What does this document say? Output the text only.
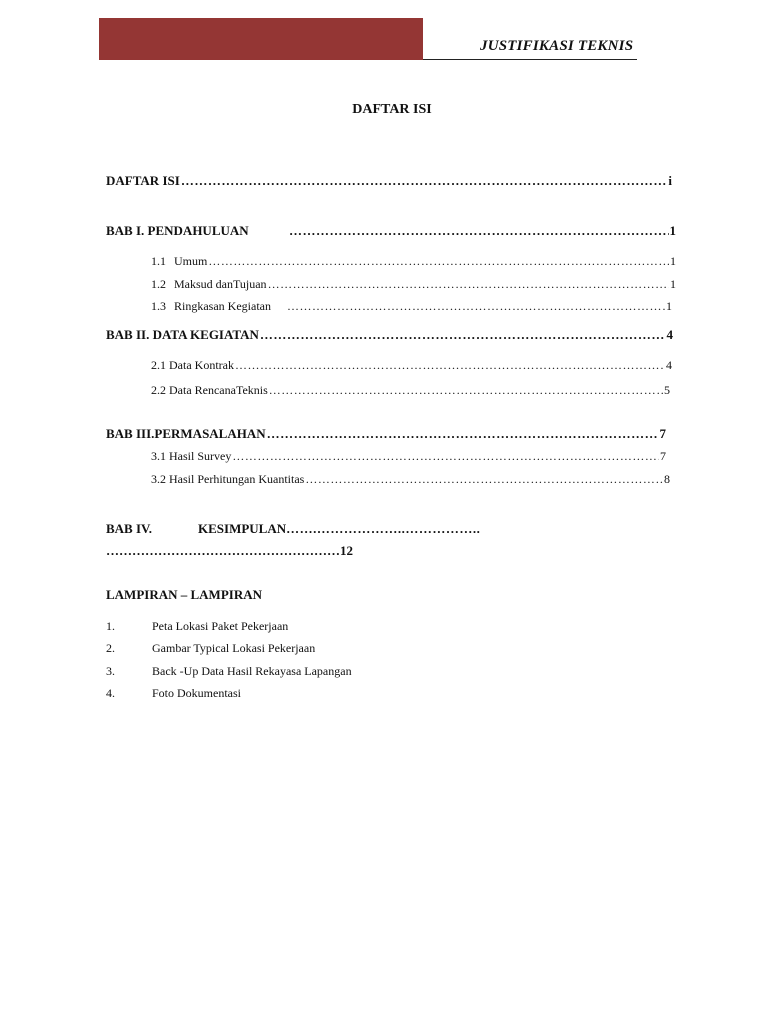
JUSTIFIKASI TEKNIS
DAFTAR ISI
DAFTAR ISI …………………………………………………………………………………………………………………………………………………………………………………………………………………………………………………………………………	i
BAB I. PENDAHULUAN …………………………………………………………………………………………………………………………………………………………………………………………………………………………………………………………………………	1
1.1 Umum …………………………………………………………………………………………………………………………………………………………………………………………………………………………………………………………………………	1
1.2 Maksud danTujuan …………………………………………………………………………………………………………………………………………………………………………………………………………………………………………………………………………	1
1.3 Ringkasan Kegiatan …………………………………………………………………………………………………………………………………………………………………………………………………………………………………………………………………………	1
BAB II. DATA KEGIATAN …………………………………………………………………………………………………………………………………………………………………………………………………………………………………………………………………………	4
2.1 Data Kontrak …………………………………………………………………………………………………………………………………………………………………………………………………………………………………………………………………………	4
2.2 Data RencanaTeknis …………………………………………………………………………………………………………………………………………………………………………………………………………………………………………………………………………	5
BAB III.PERMASALAHAN …………………………………………………………………………………………………………………………………………………………………………………………………………………………………………………………………………	7
3.1 Hasil Survey …………………………………………………………………………………………………………………………………………………………………………………………………………………………………………………………………………	7
3.2 Hasil Perhitungan Kuantitas …………………………………………………………………………………………………………………………………………………………………………………………………………………………………………………………………………	8
BAB IV.	KESIMPULAN…….………………..……………..
………………………………………………12
LAMPIRAN – LAMPIRAN
1.	Peta Lokasi Paket Pekerjaan
2.	Gambar Typical Lokasi Pekerjaan
3.	Back -Up Data Hasil Rekayasa Lapangan
4.	Foto Dokumentasi
